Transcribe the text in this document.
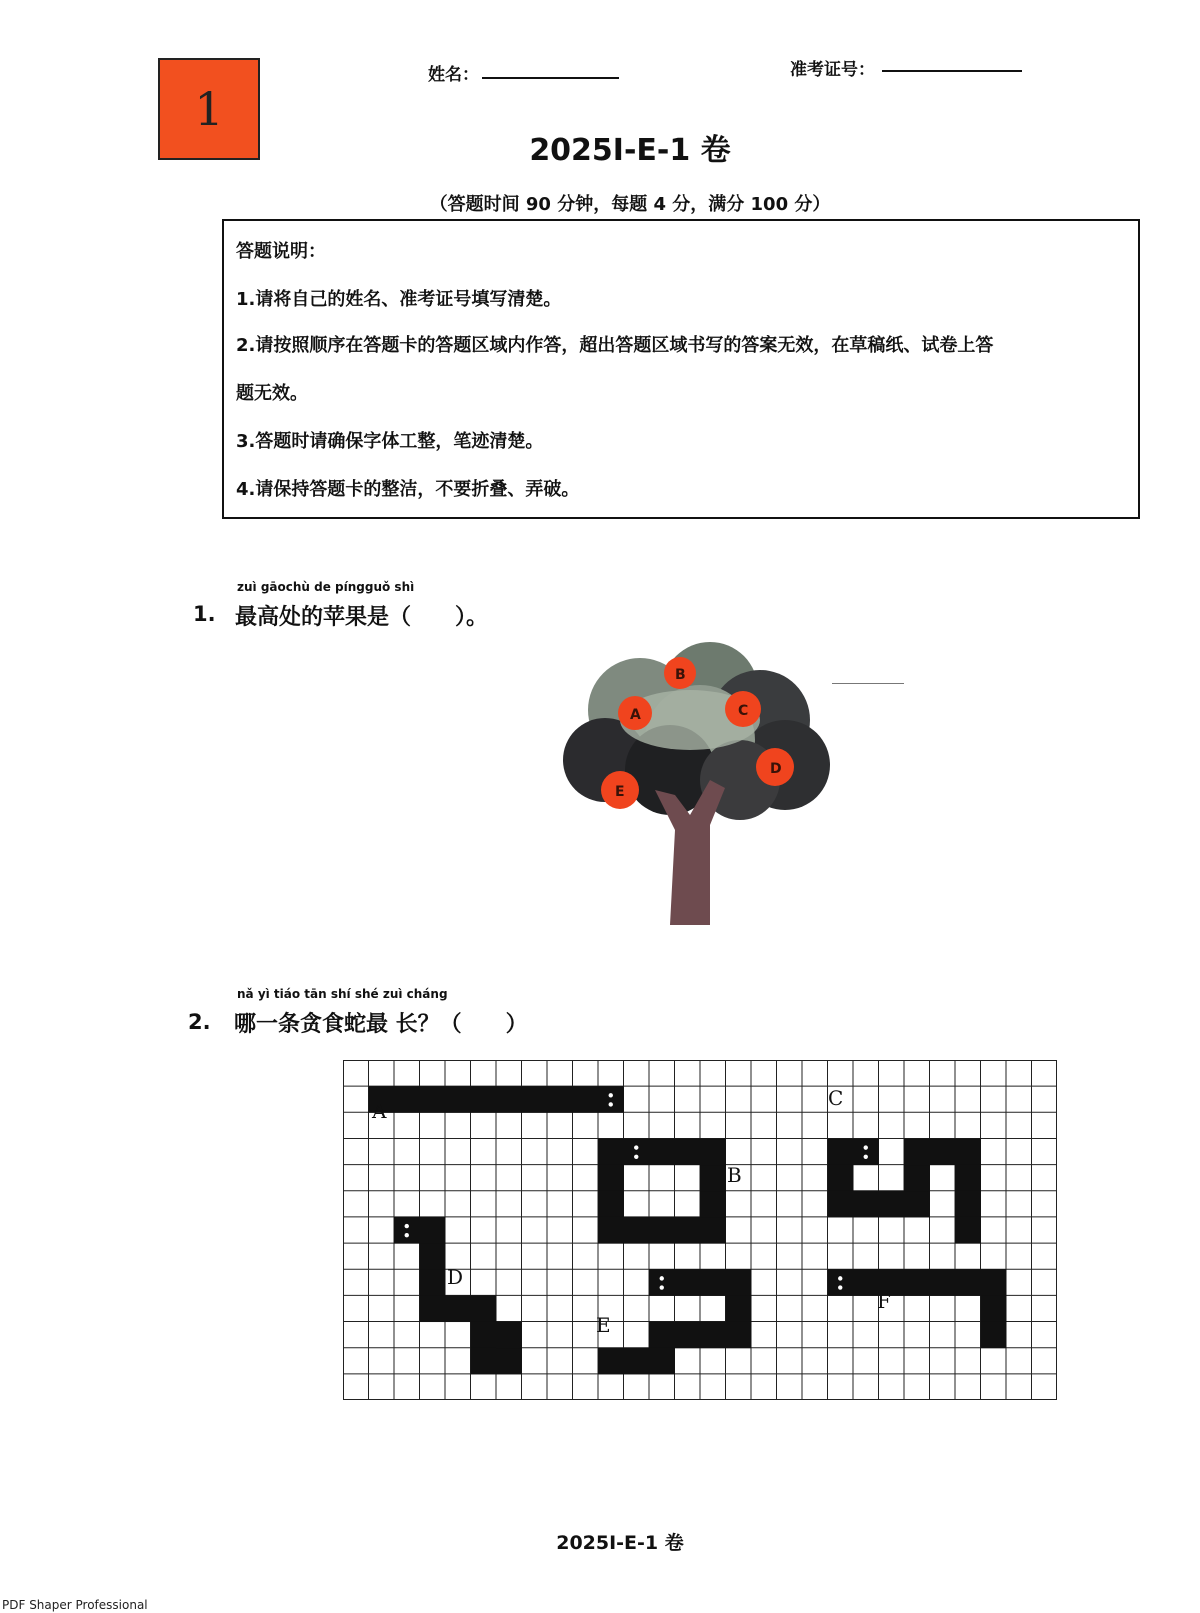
1
姓名：	准考证号：
2025I-E-1 卷
（答题时间 90 分钟，每题 4 分，满分 100 分）
答题说明：
1.请将自己的姓名、准考证号填写清楚。
2.请按照顺序在答题卡的答题区域内作答，超出答题区域书写的答案无效，在草稿纸、试卷上答
题无效。
3.答题时请确保字体工整，笔迹清楚。
4.请保持答题卡的整洁，不要折叠、弄破。
zuì gāochù de píngguǒ shì
1. 最高处的苹果是（　　）。
B
A	C
E
D
nǎ yì tiáo tān shí shé zuì cháng
2. 哪一条贪食蛇最 长？（　　）
A
B
C
D
E
F
2025I-E-1 卷
PDF Shaper Professional
